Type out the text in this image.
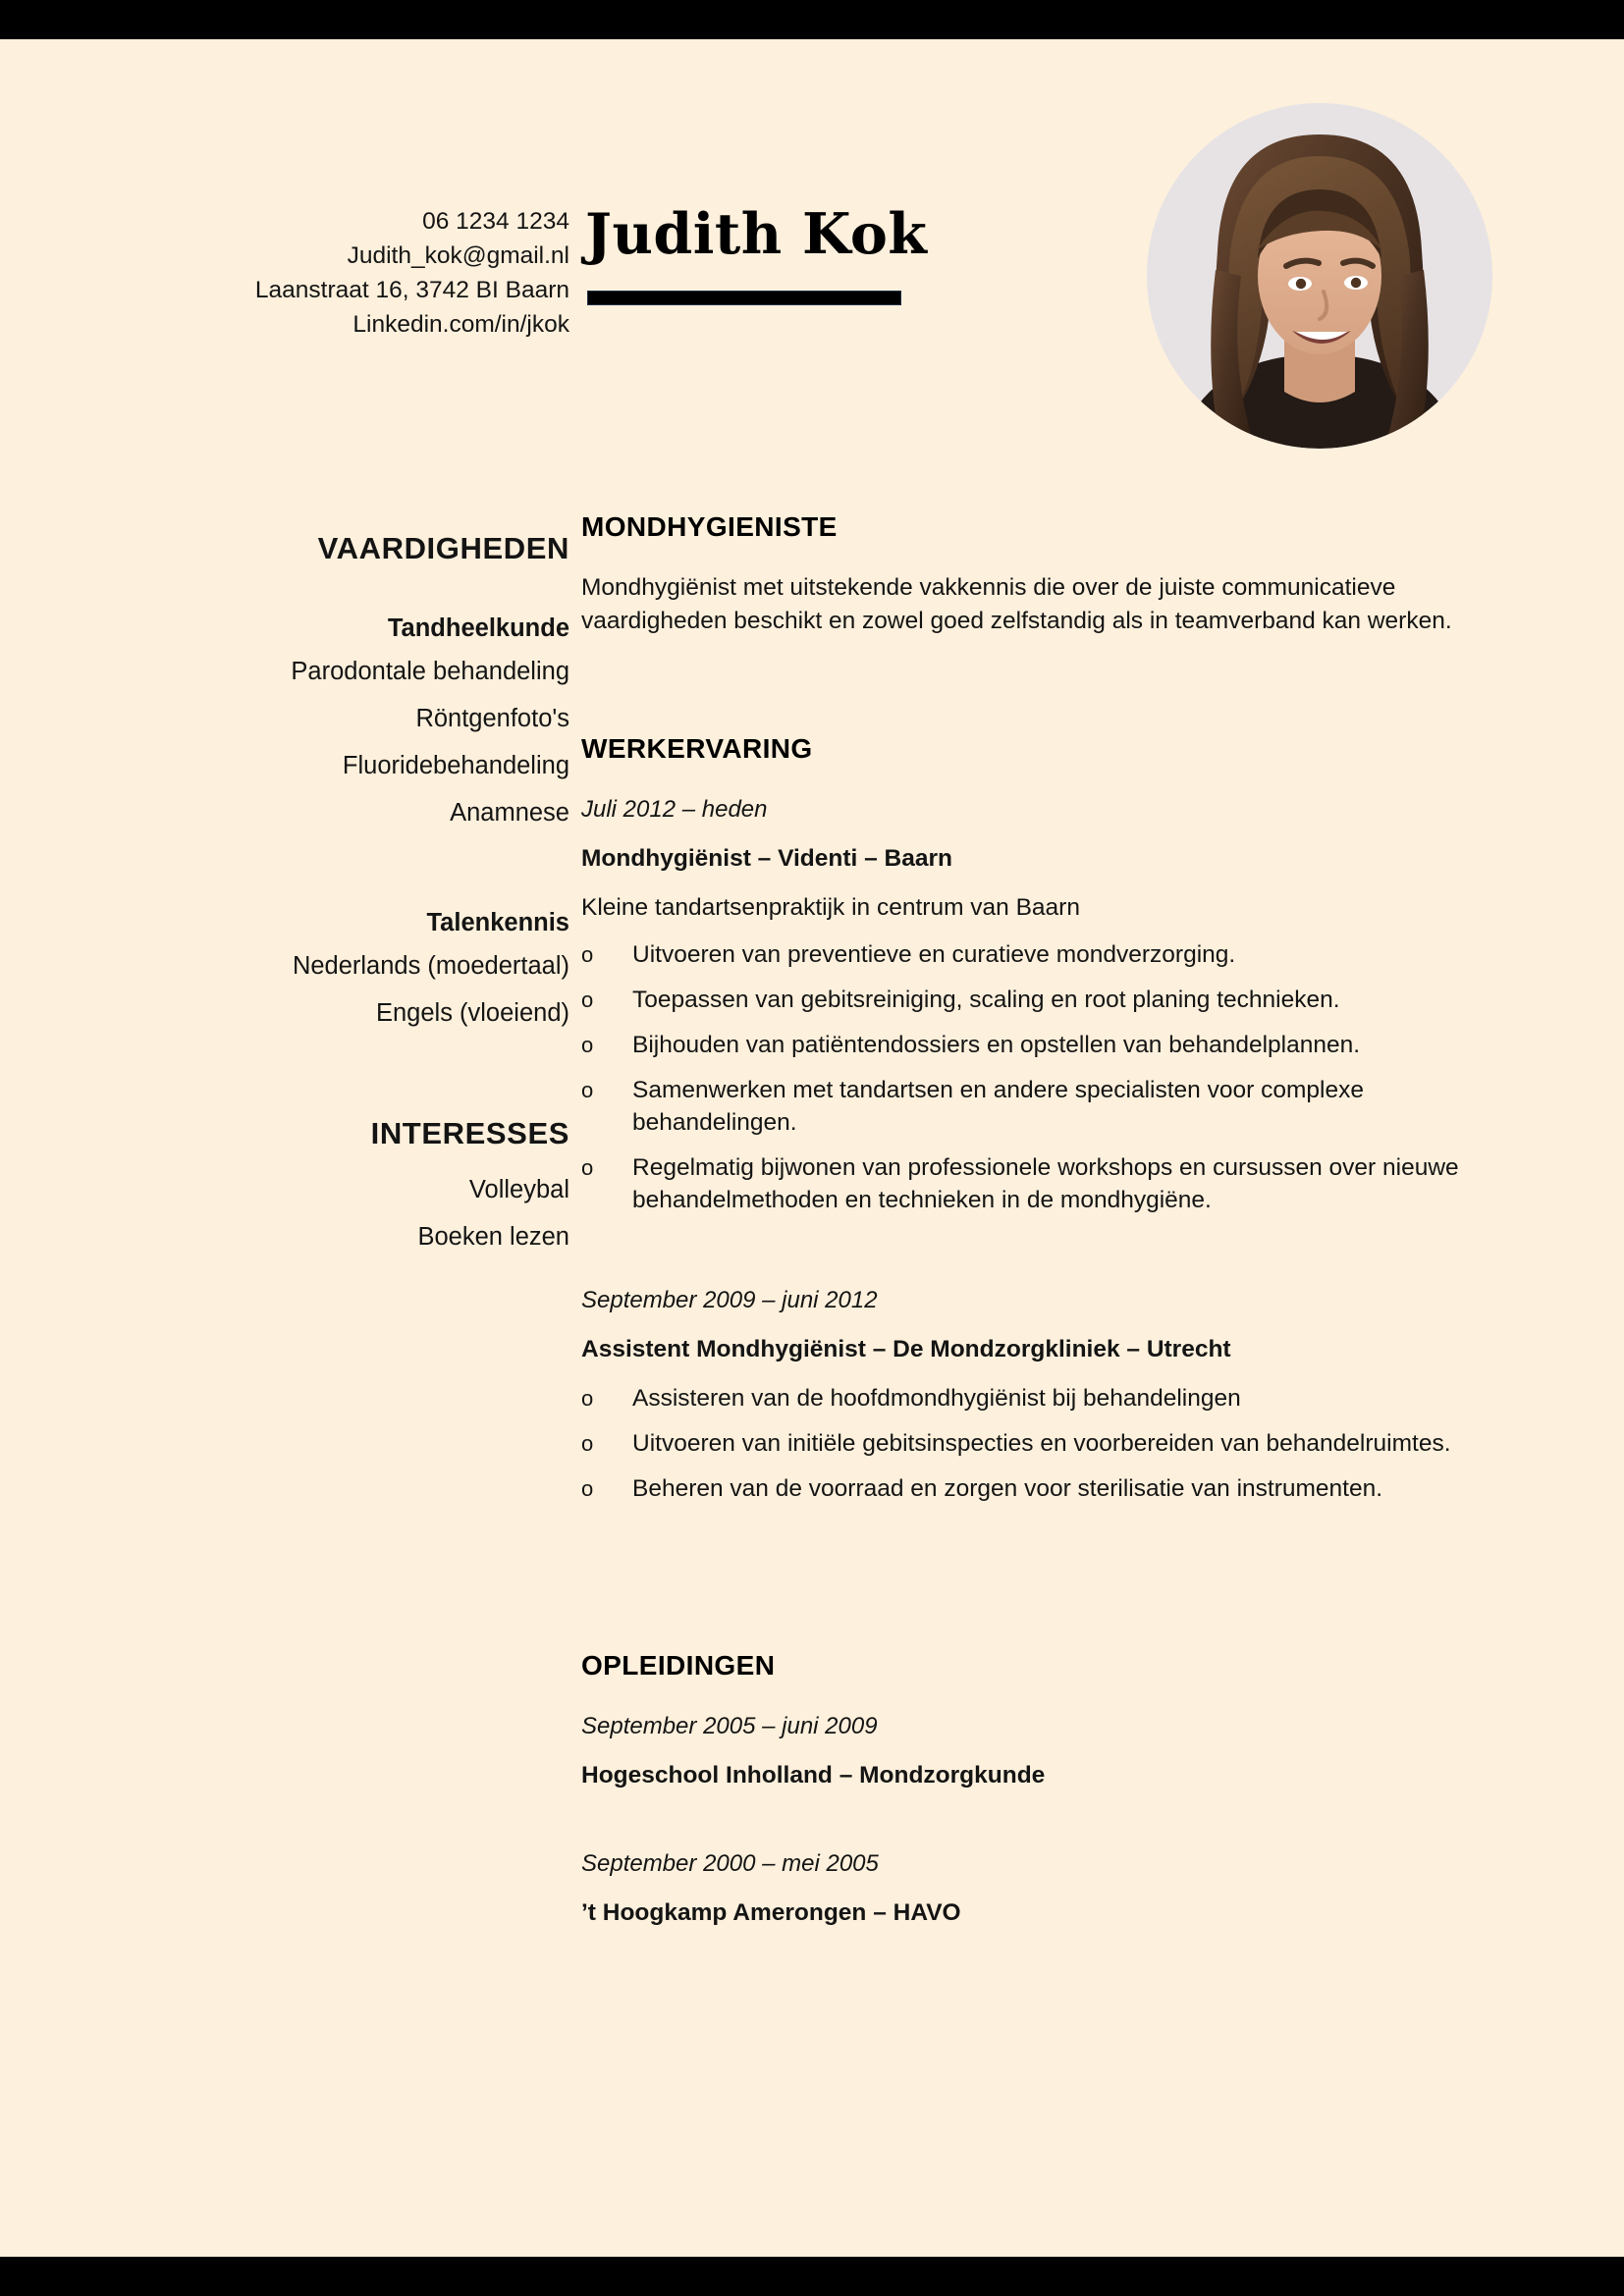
06 1234 1234
Judith_kok@gmail.nl
Laanstraat 16, 3742 BI Baarn
Linkedin.com/in/jkok
Judith Kok
VAARDIGHEDEN
Tandheelkunde
Parodontale behandeling
Röntgenfoto's
Fluoridebehandeling
Anamnese
Talenkennis
Nederlands (moedertaal)
Engels (vloeiend)
INTERESSES
Volleybal
Boeken lezen
MONDHYGIENISTE

Mondhygiënist met uitstekende vakkennis die over de juiste communicatieve vaardigheden beschikt en zowel goed zelfstandig als in teamverband kan werken.

WERKERVARING

Juli 2012 – heden

Mondhygiënist – Videnti – Baarn

Kleine tandartsenpraktijk in centrum van Baarn

o	Uitvoeren van preventieve en curatieve mondverzorging.
o	Toepassen van gebitsreiniging, scaling en root planing technieken.
o	Bijhouden van patiëntendossiers en opstellen van behandelplannen.
o	Samenwerken met tandartsen en andere specialisten voor complexe behandelingen.
o	Regelmatig bijwonen van professionele workshops en cursussen over nieuwe behandelmethoden en technieken in de mondhygiëne.

September 2009 – juni 2012

Assistent Mondhygiënist – De Mondzorgkliniek – Utrecht

o	Assisteren van de hoofdmondhygiënist bij behandelingen
o	Uitvoeren van initiële gebitsinspecties en voorbereiden van behandelruimtes.
o	Beheren van de voorraad en zorgen voor sterilisatie van instrumenten.
OPLEIDINGEN

September 2005 – juni 2009

Hogeschool Inholland – Mondzorgkunde

September 2000 – mei 2005

’t Hoogkamp Amerongen – HAVO
